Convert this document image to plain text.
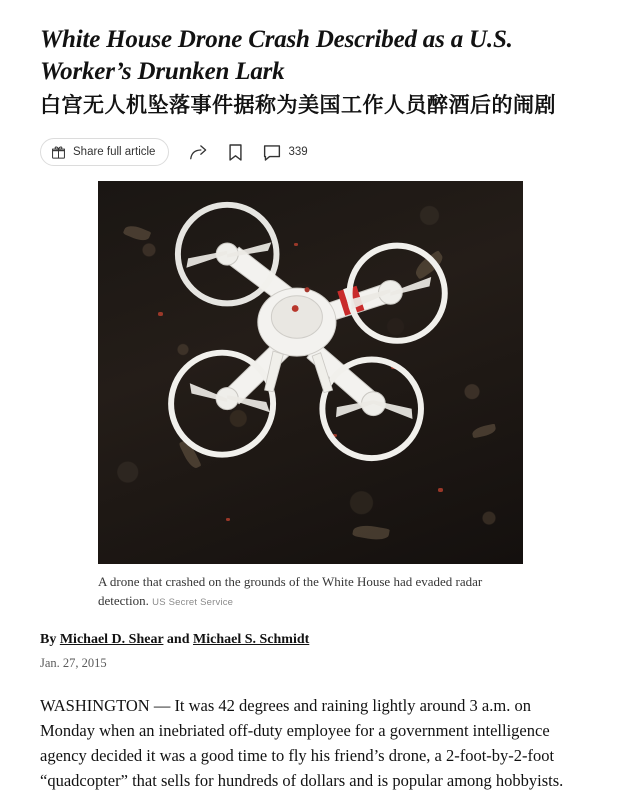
White House Drone Crash Described as a U.S. Worker’s Drunken Lark
白宫无人机坠落事件据称为美国工作人员醉酒后的闹剧
Share full article	339
A drone that crashed on the grounds of the White House had evaded radar detection. US Secret Service
By Michael D. Shear and Michael S. Schmidt
Jan. 27, 2015

WASHINGTON — It was 42 degrees and raining lightly around 3 a.m. on Monday when an inebriated off-duty employee for a government intelligence agency decided it was a good time to fly his friend’s drone, a 2-foot-by-2-foot “quadcopter” that sells for hundreds of dollars and is popular among hobbyists.
